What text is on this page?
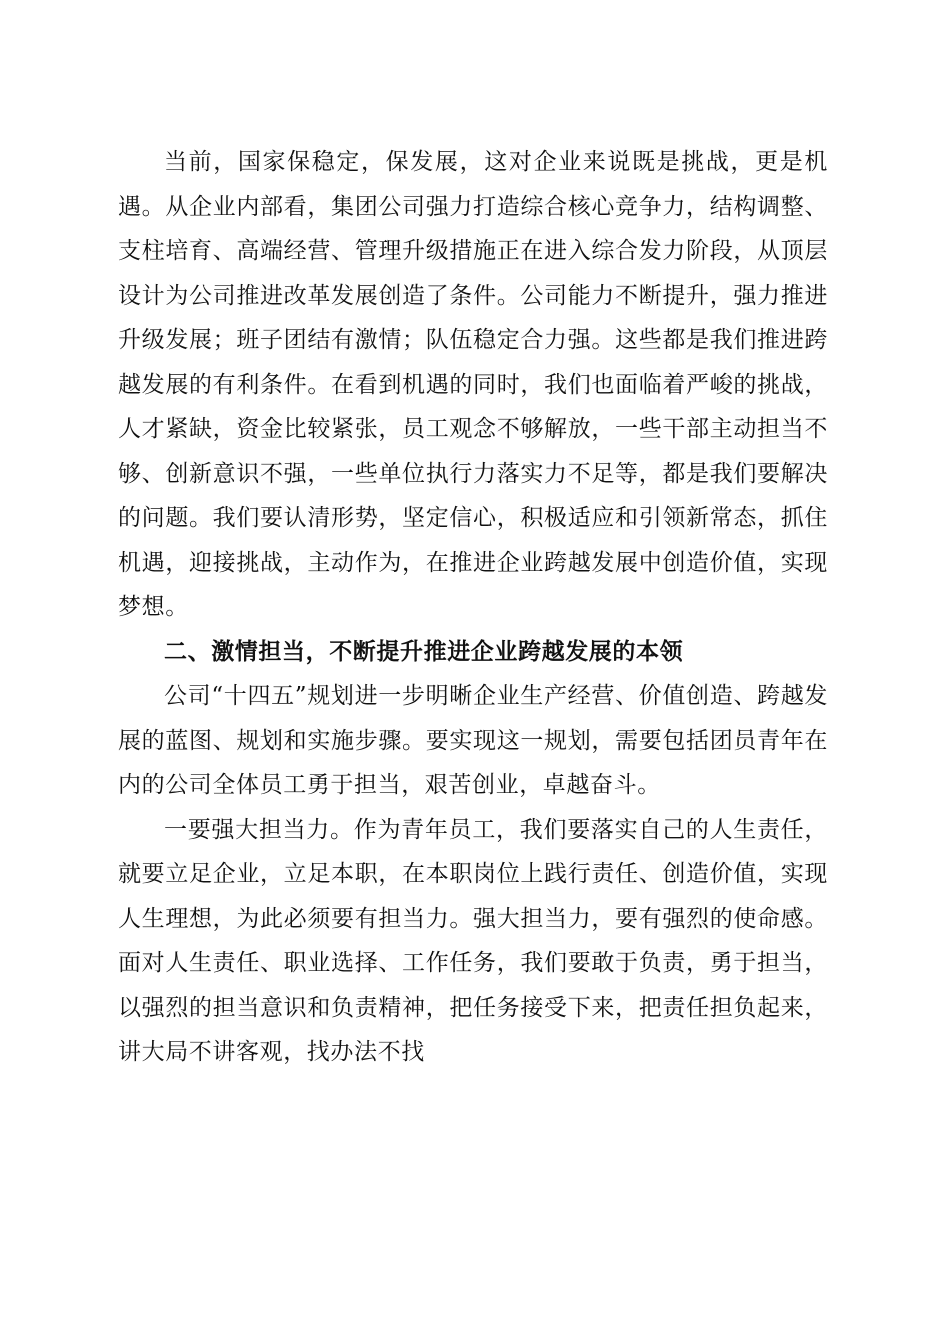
当前，国家保稳定，保发展，这对企业来说既是挑战，更是机遇。从企业内部看，集团公司强力打造综合核心竞争力，结构调整、支柱培育、高端经营、管理升级措施正在进入综合发力阶段，从顶层设计为公司推进改革发展创造了条件。公司能力不断提升，强力推进升级发展；班子团结有激情；队伍稳定合力强。这些都是我们推进跨越发展的有利条件。在看到机遇的同时，我们也面临着严峻的挑战，人才紧缺，资金比较紧张，员工观念不够解放，一些干部主动担当不够、创新意识不强，一些单位执行力落实力不足等，都是我们要解决的问题。我们要认清形势，坚定信心，积极适应和引领新常态，抓住机遇，迎接挑战，主动作为，在推进企业跨越发展中创造价值，实现梦想。

二、激情担当，不断提升推进企业跨越发展的本领

公司“十四五”规划进一步明晰企业生产经营、价值创造、跨越发展的蓝图、规划和实施步骤。要实现这一规划，需要包括团员青年在内的公司全体员工勇于担当，艰苦创业，卓越奋斗。

一要强大担当力。作为青年员工，我们要落实自己的人生责任，就要立足企业，立足本职，在本职岗位上践行责任、创造价值，实现人生理想，为此必须要有担当力。强大担当力，要有强烈的使命感。面对人生责任、职业选择、工作任务，我们要敢于负责，勇于担当，以强烈的担当意识和负责精神，把任务接受下来，把责任担负起来，讲大局不讲客观，找办法不找
